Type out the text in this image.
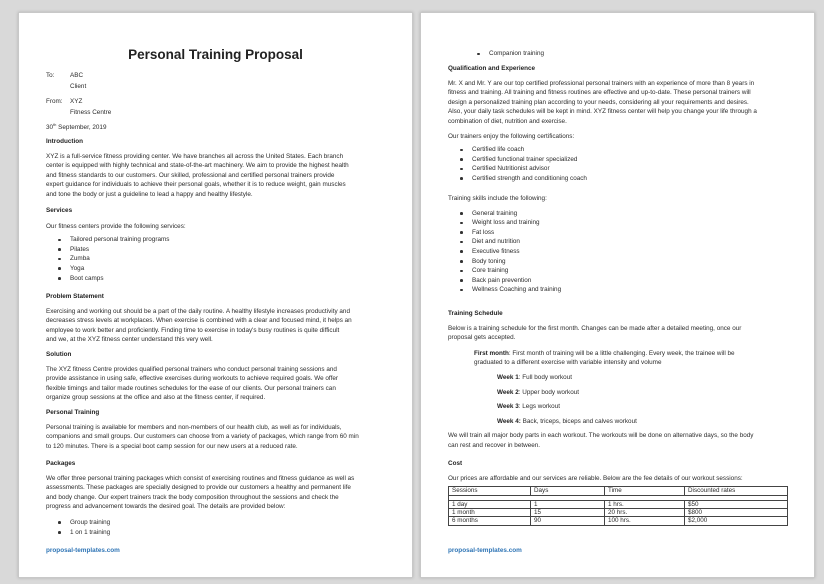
Personal Training Proposal
To:	ABC
Client
From:	XYZ
Fitness Centre
30th September, 2019
Introduction
XYZ is a full-service fitness providing center. We have branches all across the United States. Each branch
center is equipped with highly technical and state-of-the-art machinery. We aim to provide the highest health
and fitness standards to our customers. Our skilled, professional and certified personal trainers provide
expert guidance for individuals to achieve their personal goals, whether it is to reduce weight, gain muscles
and tone the body or just a guideline to lead a happy and healthy lifestyle.
Services
Our fitness centers provide the following services:
Tailored personal training programs
Pilates
Zumba
Yoga
Boot camps
Problem Statement
Exercising and working out should be a part of the daily routine. A healthy lifestyle increases productivity and
decreases stress levels at workplaces. When exercise is combined with a clear and focused mind, it helps an
employee to work better and proficiently. Finding time to exercise in today's busy routines is quite difficult
and we, at the XYZ fitness center understand this very well.
Solution
The XYZ fitness Centre provides qualified personal trainers who conduct personal training sessions and
provide assistance in using safe, effective exercises during workouts to achieve required goals. We offer
flexible timings and tailor made routines schedules for the ease of our clients. Our personal trainers can
organize group sessions at the office and also at the fitness center, if required.
Personal Training
Personal training is available for members and non-members of our health club, as well as for individuals,
companions and small groups. Our customers can choose from a variety of packages, which range from 60 min
to 120 minutes. There is a special boot camp session for our new users at a reduced rate.
Packages
We offer three personal training packages which consist of exercising routines and fitness guidance as well as
assessments. These packages are specially designed to provide our customers a healthy and permanent life
and body change. Our expert trainers track the body composition throughout the sessions and check the
progress and advancement towards the desired goal. The details are provided below:
Group training
1 on 1 training
proposal-templates.com
Companion training
Qualification and Experience
Mr. X and Mr. Y are our top certified professional personal trainers with an experience of more than 8 years in
fitness and training. All training and fitness routines are effective and up-to-date. These personal trainers will
design a personalized training plan according to your needs, considering all your requirements and desires.
Also, your daily task schedules will be kept in mind. XYZ fitness center will help you change your life through a
combination of diet, nutrition and exercise.
Our trainers enjoy the following certifications:
Certified life coach
Certified functional trainer specialized
Certified Nutritionist advisor
Certified strength and conditioning coach
Training skills include the following:
General training
Weight loss and training
Fat loss
Diet and nutrition
Executive fitness
Body toning
Core training
Back pain prevention
Wellness Coaching and training
Training Schedule
Below is a training schedule for the first month. Changes can be made after a detailed meeting, once our
proposal gets accepted.
First month: First month of training will be a little challenging. Every week, the trainee will be
graduated to a different exercise with variable intensity and volume
Week 1: Full body workout
Week 2: Upper body workout
Week 3: Legs workout
Week 4: Back, triceps, biceps and calves workout
We will train all major body parts in each workout. The workouts will be done on alternative days, so the body
can rest and recover in between.
Cost
Our prices are affordable and our services are reliable. Below are the fee details of our workout sessions:
Sessions	Days	Time	Discounted rates

1 day	1	1 hrs.	$50
1 month	15	20 hrs.	$800
6 months	90	100 hrs.	$2,000
proposal-templates.com
